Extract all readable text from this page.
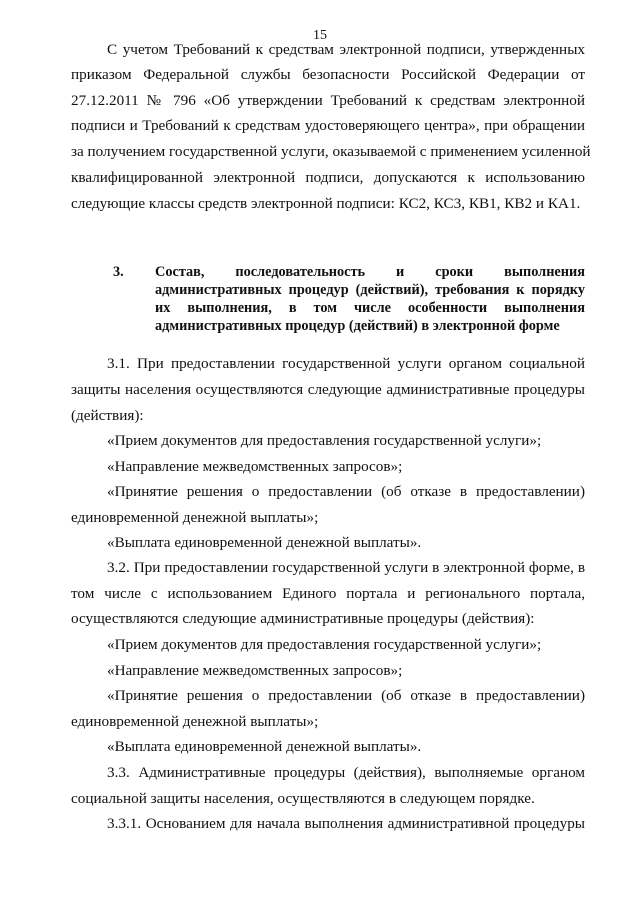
15
С учетом Требований к средствам электронной подписи, утвержденных
приказом Федеральной службы безопасности Российской Федерации от
27.12.2011 № 796 «Об утверждении Требований к средствам электронной
подписи и Требований к средствам удостоверяющего центра», при обращении
за получением государственной услуги, оказываемой с применением усиленной
квалифицированной электронной подписи, допускаются к использованию
следующие классы средств электронной подписи: КС2, КС3, КВ1, КВ2 и КА1.
3. Состав, последовательность и сроки выполнения
административных процедур (действий), требования к порядку
их выполнения, в том числе особенности выполнения
административных процедур (действий) в электронной форме
3.1. При предоставлении государственной услуги органом социальной
защиты населения осуществляются следующие административные процедуры
(действия):
«Прием документов для предоставления государственной услуги»;
«Направление межведомственных запросов»;
«Принятие решения о предоставлении (об отказе в предоставлении)
единовременной денежной выплаты»;
«Выплата единовременной денежной выплаты».
3.2. При предоставлении государственной услуги в электронной форме, в
том числе с использованием Единого портала и регионального портала,
осуществляются следующие административные процедуры (действия):
«Прием документов для предоставления государственной услуги»;
«Направление межведомственных запросов»;
«Принятие решения о предоставлении (об отказе в предоставлении)
единовременной денежной выплаты»;
«Выплата единовременной денежной выплаты».
3.3. Административные процедуры (действия), выполняемые органом
социальной защиты населения, осуществляются в следующем порядке.
3.3.1. Основанием для начала выполнения административной процедуры
